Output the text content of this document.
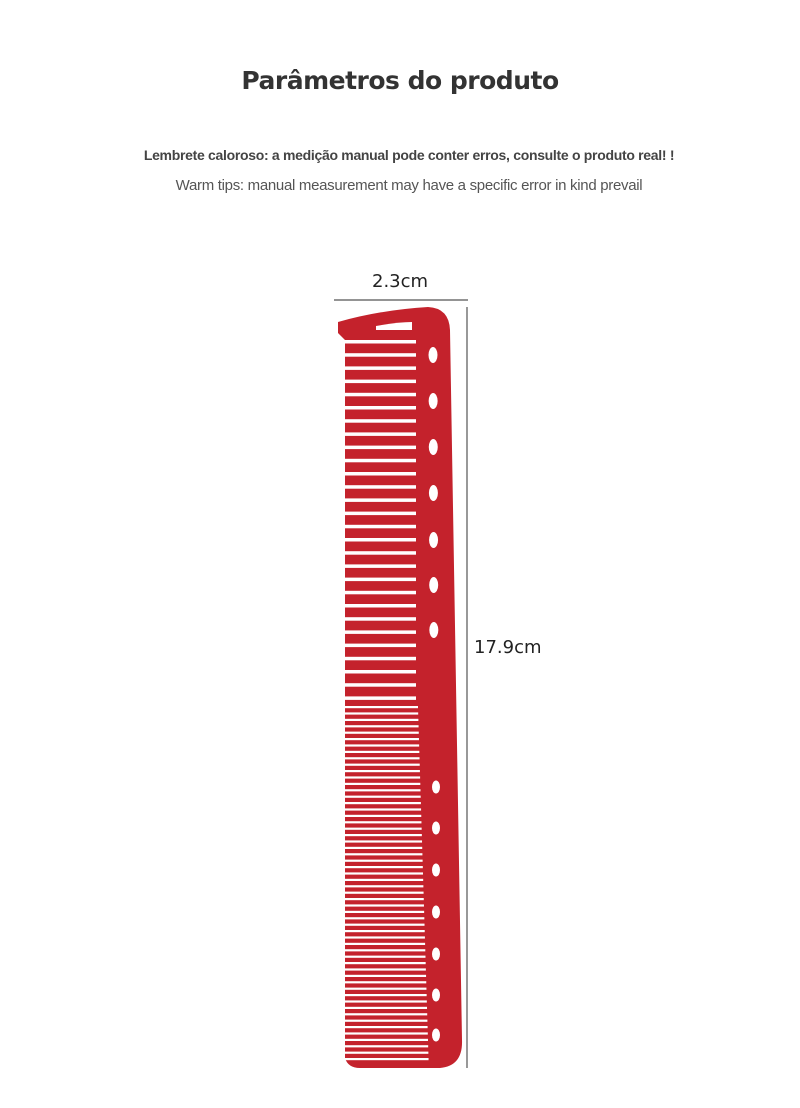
Parâmetros do produto
Lembrete caloroso: a medição manual pode conter erros, consulte o produto real! !
Warm tips: manual measurement may have a specific error in kind prevail
2.3cm
17.9cm
